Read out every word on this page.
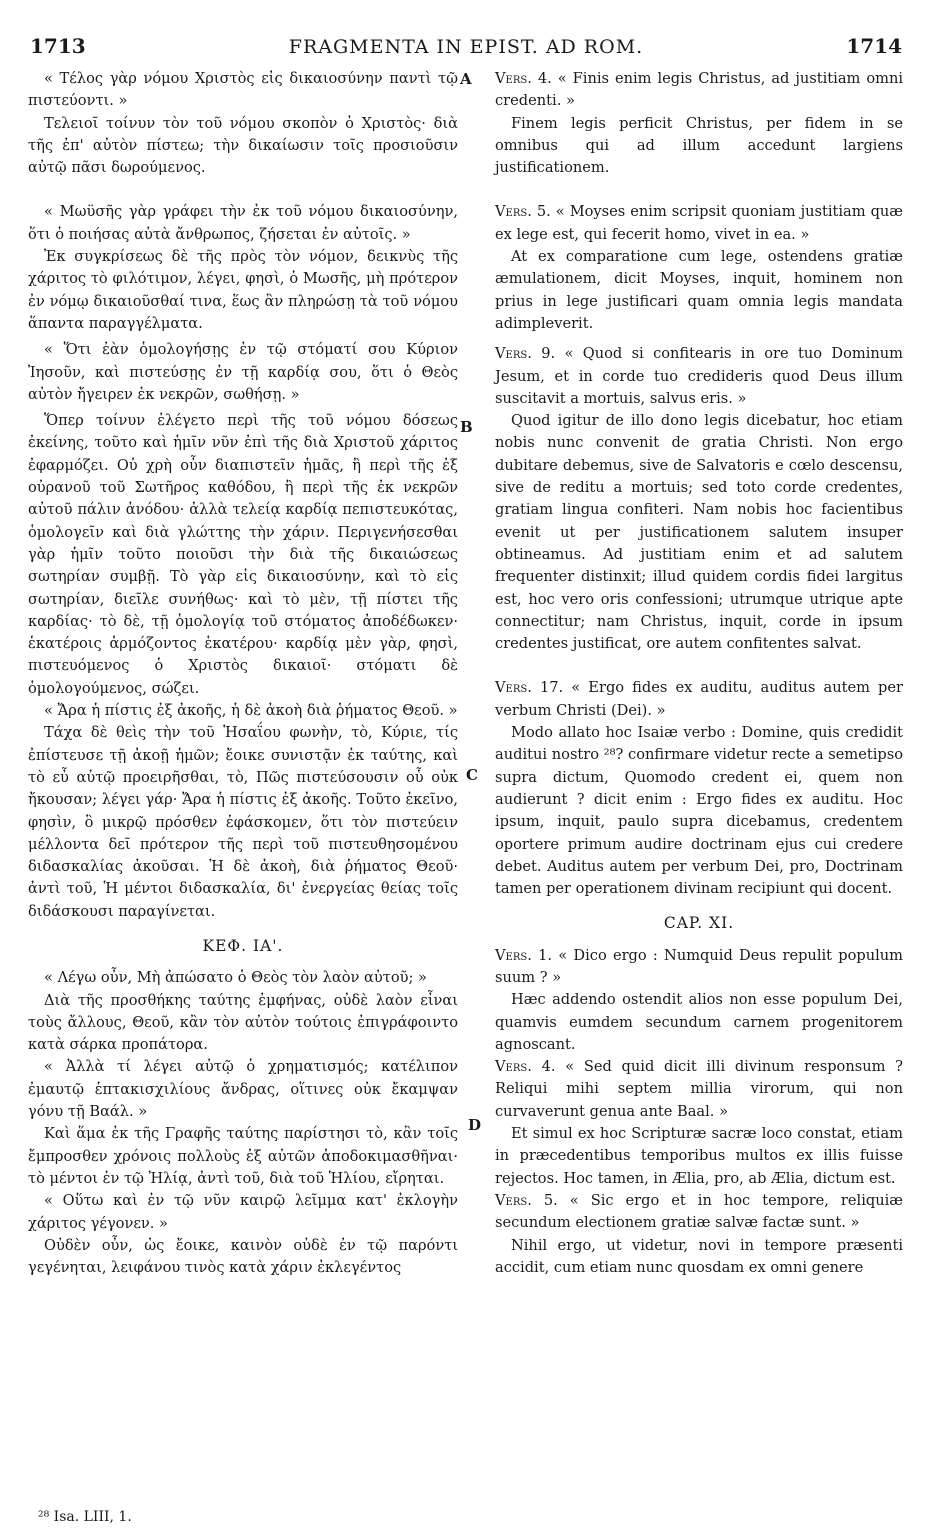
1713	FRAGMENTA IN EPIST. AD ROM.	1714

« Τέλος γὰρ νόμου Χριστὸς εἰς δικαιοσύνην παντὶ τῷ πιστεύοντι. »

Τελειοῖ τοίνυν τὸν τοῦ νόμου σκοπὸν ὁ Χριστὸς· διὰ τῆς ἐπ' αὐτὸν πίστεω; τὴν δικαίωσιν τοῖς προσιοῦσιν αὐτῷ πᾶσι δωρούμενος.

« Μωϋσῆς γὰρ γράφει τὴν ἐκ τοῦ νόμου δικαιοσύνην, ὅτι ὁ ποιήσας αὐτὰ ἄνθρωπος, ζήσεται ἐν αὐτοῖς. »

Ἐκ συγκρίσεως δὲ τῆς πρὸς τὸν νόμον, δεικνὺς τῆς χάριτος τὸ φιλότιμον, λέγει, φησὶ, ὁ Μωσῆς, μὴ πρότερον ἐν νόμῳ δικαιοῦσθαί τινα, ἕως ἂν πληρώσῃ τὰ τοῦ νόμου ἅπαντα παραγγέλματα.

« Ὅτι ἐὰν ὁμολογήσῃς ἐν τῷ στόματί σου Κύριον Ἰησοῦν, καὶ πιστεύσῃς ἐν τῇ καρδίᾳ σου, ὅτι ὁ Θεὸς αὐτὸν ἤγειρεν ἐκ νεκρῶν, σωθήσῃ. »

Ὅπερ τοίνυν ἐλέγετο περὶ τῆς τοῦ νόμου δόσεως ἐκείνης, τοῦτο καὶ ἡμῖν νῦν ἐπὶ τῆς διὰ Χριστοῦ χάριτος ἐφαρμόζει. Οὐ χρὴ οὖν διαπιστεῖν ἡμᾶς, ἢ περὶ τῆς ἐξ οὐρανοῦ τοῦ Σωτῆρος καθόδου, ἢ περὶ τῆς ἐκ νεκρῶν αὐτοῦ πάλιν ἀνόδου· ἀλλὰ τελείᾳ καρδίᾳ πεπιστευκότας, ὁμολογεῖν καὶ διὰ γλώττης τὴν χάριν. Περιγενήσεσθαι γὰρ ἡμῖν τοῦτο ποιοῦσι τὴν διὰ τῆς δικαιώσεως σωτηρίαν συμβῇ. Τὸ γὰρ εἰς δικαιοσύνην, καὶ τὸ εἰς σωτηρίαν, διεῖλε συνήθως· καὶ τὸ μὲν, τῇ πίστει τῆς καρδίας· τὸ δὲ, τῇ ὁμολογίᾳ τοῦ στόματος ἀποδέδωκεν· ἑκατέροις ἁρμόζοντος ἑκατέρου· καρδίᾳ μὲν γὰρ, φησὶ, πιστευόμενος ὁ Χριστὸς δικαιοῖ· στόματι δὲ ὁμολογούμενος, σώζει.

« Ἄρα ἡ πίστις ἐξ ἀκοῆς, ἡ δὲ ἀκοὴ διὰ ῥήματος Θεοῦ. »

Τάχα δὲ θεὶς τὴν τοῦ Ἡσαΐου φωνὴν, τὸ, Κύριε, τίς ἐπίστευσε τῇ ἀκοῇ ἡμῶν; ἔοικε συνιστᾷν ἐκ ταύτης, καὶ τὸ εὖ αὐτῷ προειρῆσθαι, τὸ, Πῶς πιστεύσουσιν οὗ οὐκ ἤκουσαν; λέγει γάρ· Ἄρα ἡ πίστις ἐξ ἀκοῆς. Τοῦτο ἐκεῖνο, φησὶν, ὃ μικρῷ πρόσθεν ἐφάσκομεν, ὅτι τὸν πιστεύειν μέλλοντα δεῖ πρότερον τῆς περὶ τοῦ πιστευθησομένου διδασκαλίας ἀκοῦσαι. Ἡ δὲ ἀκοὴ, διὰ ῥήματος Θεοῦ· ἀντὶ τοῦ, Ἡ μέντοι διδασκαλία, δι' ἐνεργείας θείας τοῖς διδάσκουσι παραγίνεται.

ΚΕΦ. ΙΑ'.

« Λέγω οὖν, Μὴ ἀπώσατο ὁ Θεὸς τὸν λαὸν αὐτοῦ; »

Διὰ τῆς προσθήκης ταύτης ἐμφήνας, οὐδὲ λαὸν εἶναι τοὺς ἄλλους, Θεοῦ, κἂν τὸν αὐτὸν τούτοις ἐπιγράφοιντο κατὰ σάρκα προπάτορα.

« Ἀλλὰ τί λέγει αὐτῷ ὁ χρηματισμός; κατέλιπον ἐμαυτῷ ἑπτακισχιλίους ἄνδρας, οἵτινες οὐκ ἔκαμψαν γόνυ τῇ Βαάλ. »

Καὶ ἅμα ἐκ τῆς Γραφῆς ταύτης παρίστησι τὸ, κἂν τοῖς ἔμπροσθεν χρόνοις πολλοὺς ἐξ αὐτῶν ἀποδοκιμασθῆναι· τὸ μέντοι ἐν τῷ Ἠλίᾳ, ἀντὶ τοῦ, διὰ τοῦ Ἡλίου, εἴρηται.

« Οὕτω καὶ ἐν τῷ νῦν καιρῷ λεῖμμα κατ' ἐκλογὴν χάριτος γέγονεν. »

Οὐδὲν οὖν, ὡς ἔοικε, καινὸν οὐδὲ ἐν τῷ παρόντι γεγένηται, λειφάνου τινὸς κατὰ χάριν ἐκλεγέντος

A
B
C
D

Vers. 4. « Finis enim legis Christus, ad justitiam omni credenti. »

Finem legis perficit Christus, per fidem in se omnibus qui ad illum accedunt largiens justificationem.

Vers. 5. « Moyses enim scripsit quoniam justitiam quæ ex lege est, qui fecerit homo, vivet in ea. »

At ex comparatione cum lege, ostendens gratiæ æmulationem, dicit Moyses, inquit, hominem non prius in lege justificari quam omnia legis mandata adimpleverit.

Vers. 9. « Quod si confitearis in ore tuo Dominum Jesum, et in corde tuo credideris quod Deus illum suscitavit a mortuis, salvus eris. »

Quod igitur de illo dono legis dicebatur, hoc etiam nobis nunc convenit de gratia Christi. Non ergo dubitare debemus, sive de Salvatoris e cœlo descensu, sive de reditu a mortuis; sed toto corde credentes, gratiam lingua confiteri. Nam nobis hoc facientibus evenit ut per justificationem salutem insuper obtineamus. Ad justitiam enim et ad salutem frequenter distinxit; illud quidem cordis fidei largitus est, hoc vero oris confessioni; utrumque utrique apte connectitur; nam Christus, inquit, corde in ipsum credentes justificat, ore autem confitentes salvat.

Vers. 17. « Ergo fides ex auditu, auditus autem per verbum Christi (Dei). »

Modo allato hoc Isaiæ verbo : Domine, quis credidit auditui nostro ²⁸? confirmare videtur recte a semetipso supra dictum, Quomodo credent ei, quem non audierunt ? dicit enim : Ergo fides ex auditu. Hoc ipsum, inquit, paulo supra dicebamus, credentem oportere primum audire doctrinam ejus cui credere debet. Auditus autem per verbum Dei, pro, Doctrinam tamen per operationem divinam recipiunt qui docent.

CAP. XI.

Vers. 1. « Dico ergo : Numquid Deus repulit populum suum ? »

Hæc addendo ostendit alios non esse populum Dei, quamvis eumdem secundum carnem progenitorem agnoscant.

Vers. 4. « Sed quid dicit illi divinum responsum ? Reliqui mihi septem millia virorum, qui non curvaverunt genua ante Baal. »

Et simul ex hoc Scripturæ sacræ loco constat, etiam in præcedentibus temporibus multos ex illis fuisse rejectos. Hoc tamen, in Ælia, pro, ab Ælia, dictum est.

Vers. 5. « Sic ergo et in hoc tempore, reliquiæ secundum electionem gratiæ salvæ factæ sunt. »

Nihil ergo, ut videtur, novi in tempore præsenti accidit, cum etiam nunc quosdam ex omni genere

²⁸ Isa. LIII, 1.
